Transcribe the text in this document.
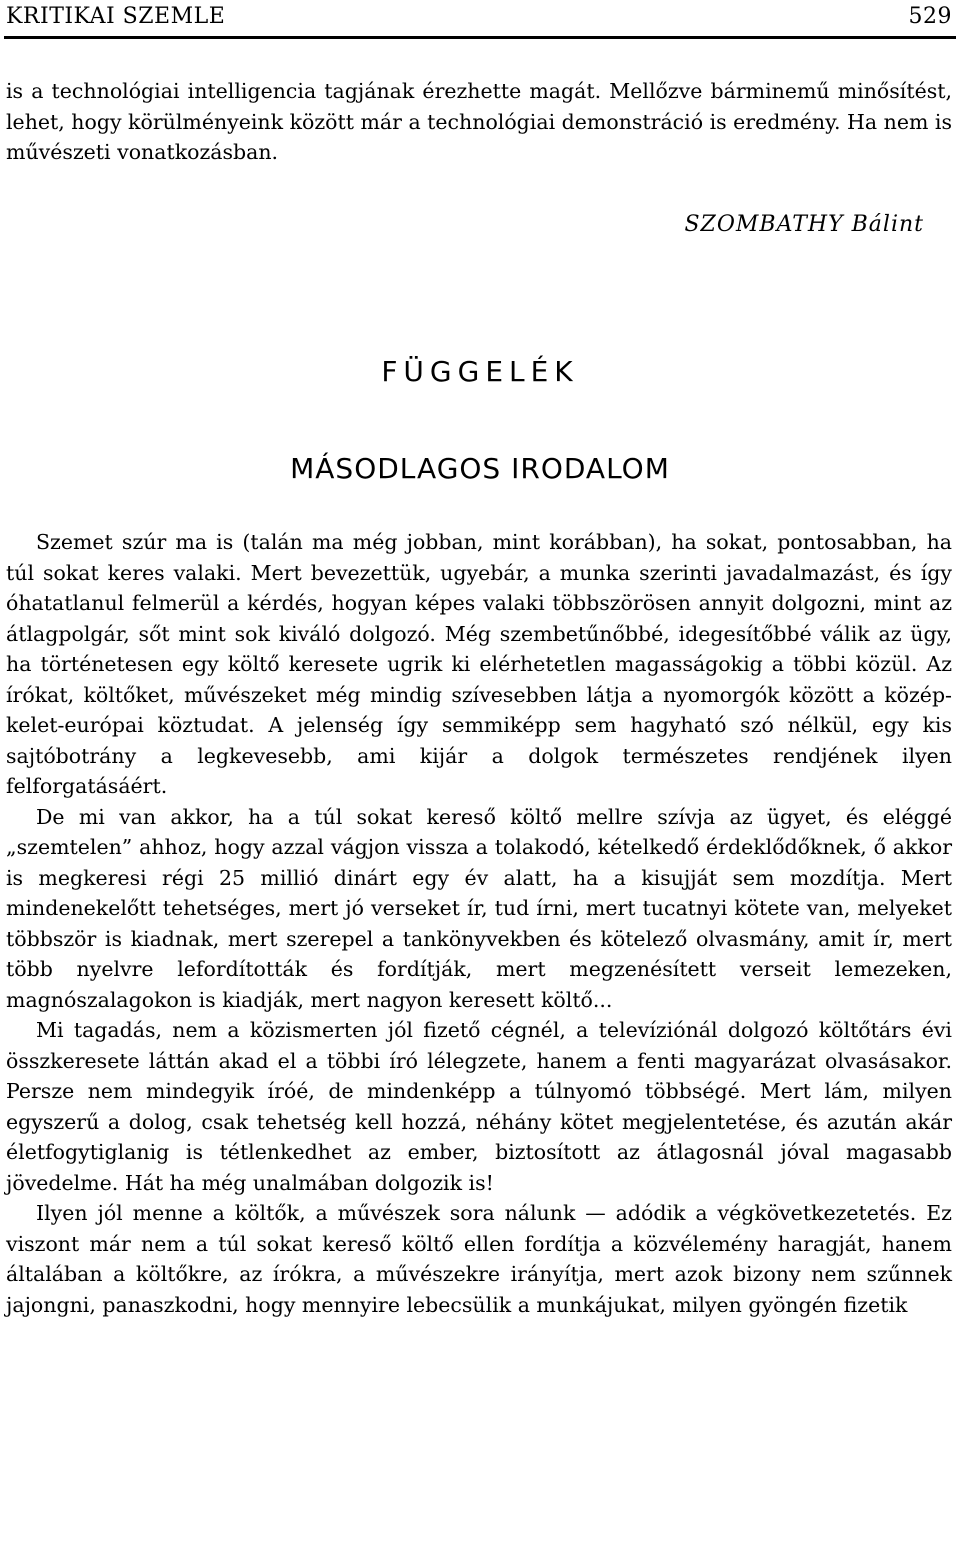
KRITIKAI SZEMLE	529

is a technológiai intelligencia tagjának érezhette magát. Mellőzve bárminemű minősítést, lehet, hogy körülményeink között már a technológiai demonstráció is eredmény. Ha nem is művészeti vonatkozásban.

SZOMBATHY Bálint
FÜGGELÉK
MÁSODLAGOS IRODALOM

Szemet szúr ma is (talán ma még jobban, mint korábban), ha sokat, pontosabban, ha túl sokat keres valaki. Mert bevezettük, ugyebár, a munka szerinti javadalmazást, és így óhatatlanul felmerül a kérdés, hogyan képes valaki többszörösen annyit dolgozni, mint az átlagpolgár, sőt mint sok kiváló dolgozó. Még szembetűnőbbé, idegesítőbbé válik az ügy, ha történetesen egy költő keresete ugrik ki elérhetetlen magasságokig a többi közül. Az írókat, költőket, művészeket még mindig szívesebben látja a nyomorgók között a közép-kelet-európai köztudat. A jelenség így semmiképp sem hagyható szó nélkül, egy kis sajtóbotrány a legkevesebb, ami kijár a dolgok természetes rendjének ilyen felforgatásáért.

De mi van akkor, ha a túl sokat kereső költő mellre szívja az ügyet, és eléggé „szemtelen” ahhoz, hogy azzal vágjon vissza a tolakodó, kételkedő érdeklődőknek, ő akkor is megkeresi régi 25 millió dinárt egy év alatt, ha a kisujját sem mozdítja. Mert mindenekelőtt tehetséges, mert jó verseket ír, tud írni, mert tucatnyi kötete van, melyeket többször is kiadnak, mert szerepel a tankönyvekben és kötelező olvasmány, amit ír, mert több nyelvre lefordították és fordítják, mert megzenésített verseit lemezeken, magnószalagokon is kiadják, mert nagyon keresett költő...

Mi tagadás, nem a közismerten jól fizető cégnél, a televíziónál dolgozó költőtárs évi összkeresete láttán akad el a többi író lélegzete, hanem a fenti magyarázat olvasásakor. Persze nem mindegyik íróé, de mindenképp a túlnyomó többségé. Mert lám, milyen egyszerű a dolog, csak tehetség kell hozzá, néhány kötet megjelentetése, és azután akár életfogytiglanig is tétlenkedhet az ember, biztosított az átlagosnál jóval magasabb jövedelme. Hát ha még unalmában dolgozik is!

Ilyen jól menne a költők, a művészek sora nálunk — adódik a végkövetkezetetés. Ez viszont már nem a túl sokat kereső költő ellen fordítja a közvélemény haragját, hanem általában a költőkre, az írókra, a művészekre irányítja, mert azok bizony nem szűnnek jajongni, panaszkodni, hogy mennyire lebecsülik a munkájukat, milyen gyöngén fizetik
